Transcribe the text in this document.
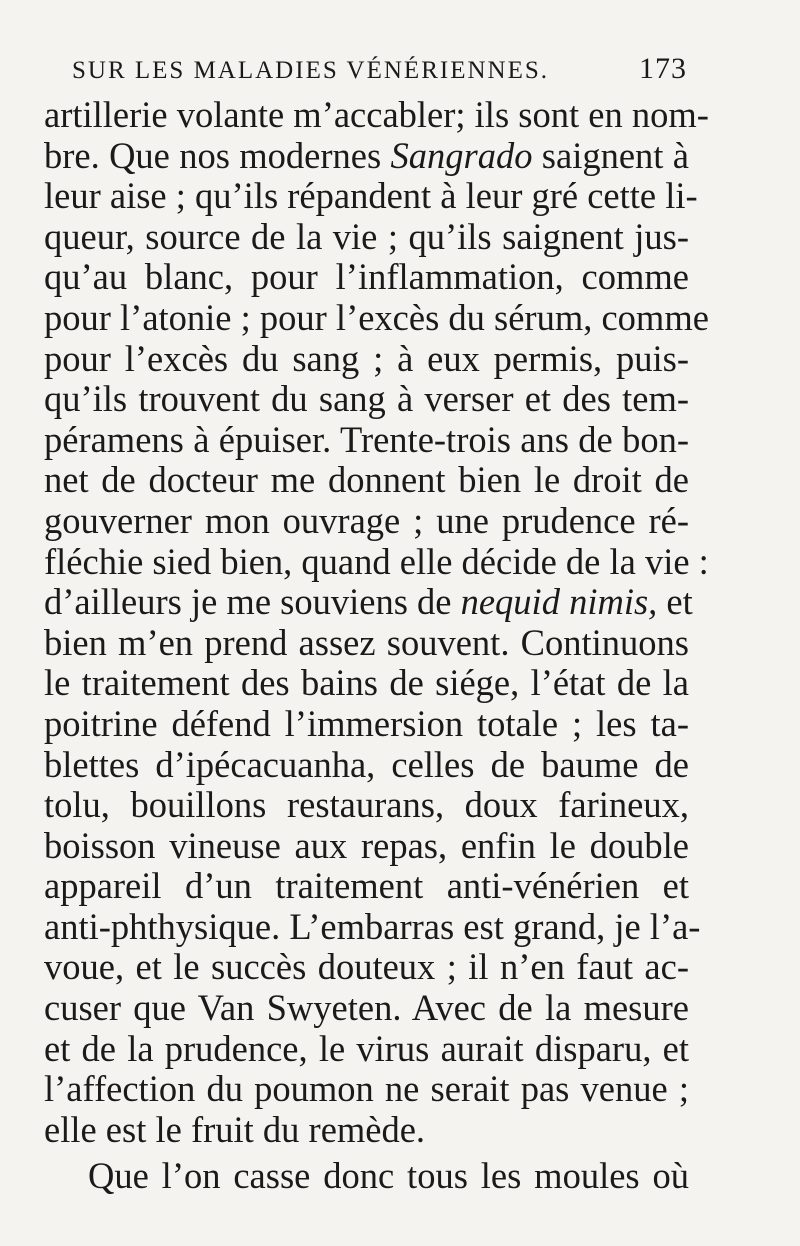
SUR LES MALADIES VÉNÉRIENNES.	173
artillerie volante m’accabler; ils sont en nom-
bre. Que nos modernes Sangrado saignent à
leur aise ; qu’ils répandent à leur gré cette li-
queur, source de la vie ; qu’ils saignent jus-
qu’au blanc, pour l’inflammation, comme
pour l’atonie ; pour l’excès du sérum, comme
pour l’excès du sang ; à eux permis, puis-
qu’ils trouvent du sang à verser et des tem-
péramens à épuiser. Trente-trois ans de bon-
net de docteur me donnent bien le droit de
gouverner mon ouvrage ; une prudence ré-
fléchie sied bien, quand elle décide de la vie :
d’ailleurs je me souviens de nequid nimis, et
bien m’en prend assez souvent. Continuons
le traitement des bains de siége, l’état de la
poitrine défend l’immersion totale ; les ta-
blettes d’ipécacuanha, celles de baume de
tolu, bouillons restaurans, doux farineux,
boisson vineuse aux repas, enfin le double
appareil d’un traitement anti-vénérien et
anti-phthysique. L’embarras est grand, je l’a-
voue, et le succès douteux ; il n’en faut ac-
cuser que Van Swyeten. Avec de la mesure
et de la prudence, le virus aurait disparu, et
l’affection du poumon ne serait pas venue ;
elle est le fruit du remède.
Que l’on casse donc tous les moules où
